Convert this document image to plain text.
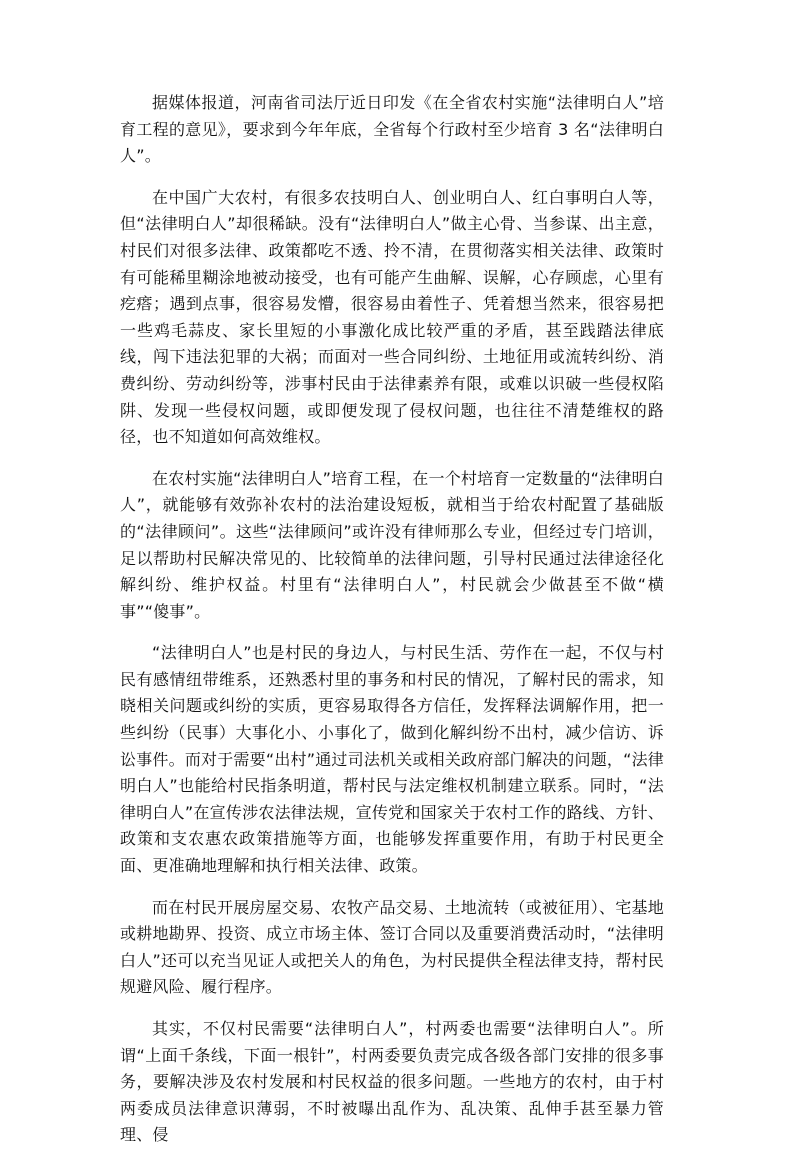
据媒体报道，河南省司法厅近日印发《在全省农村实施“法律明白人”培育工程的意见》，要求到今年年底，全省每个行政村至少培育 3 名“法律明白人”。

在中国广大农村，有很多农技明白人、创业明白人、红白事明白人等，但“法律明白人”却很稀缺。没有“法律明白人”做主心骨、当参谋、出主意，村民们对很多法律、政策都吃不透、拎不清，在贯彻落实相关法律、政策时有可能稀里糊涂地被动接受，也有可能产生曲解、误解，心存顾虑，心里有疙瘩；遇到点事，很容易发懵，很容易由着性子、凭着想当然来，很容易把一些鸡毛蒜皮、家长里短的小事激化成比较严重的矛盾，甚至践踏法律底线，闯下违法犯罪的大祸；而面对一些合同纠纷、土地征用或流转纠纷、消费纠纷、劳动纠纷等，涉事村民由于法律素养有限，或难以识破一些侵权陷阱、发现一些侵权问题，或即便发现了侵权问题，也往往不清楚维权的路径，也不知道如何高效维权。

在农村实施“法律明白人”培育工程，在一个村培育一定数量的“法律明白人”，就能够有效弥补农村的法治建设短板，就相当于给农村配置了基础版的“法律顾问”。这些“法律顾问”或许没有律师那么专业，但经过专门培训，足以帮助村民解决常见的、比较简单的法律问题，引导村民通过法律途径化解纠纷、维护权益。村里有“法律明白人”，村民就会少做甚至不做“横事”“傻事”。

“法律明白人”也是村民的身边人，与村民生活、劳作在一起，不仅与村民有感情纽带维系，还熟悉村里的事务和村民的情况，了解村民的需求，知晓相关问题或纠纷的实质，更容易取得各方信任，发挥释法调解作用，把一些纠纷（民事）大事化小、小事化了，做到化解纠纷不出村，减少信访、诉讼事件。而对于需要“出村”通过司法机关或相关政府部门解决的问题，“法律明白人”也能给村民指条明道，帮村民与法定维权机制建立联系。同时，“法律明白人”在宣传涉农法律法规，宣传党和国家关于农村工作的路线、方针、政策和支农惠农政策措施等方面，也能够发挥重要作用，有助于村民更全面、更准确地理解和执行相关法律、政策。

而在村民开展房屋交易、农牧产品交易、土地流转（或被征用）、宅基地或耕地勘界、投资、成立市场主体、签订合同以及重要消费活动时，“法律明白人”还可以充当见证人或把关人的角色，为村民提供全程法律支持，帮村民规避风险、履行程序。

其实，不仅村民需要“法律明白人”，村两委也需要“法律明白人”。所谓“上面千条线，下面一根针”，村两委要负责完成各级各部门安排的很多事务，要解决涉及农村发展和村民权益的很多问题。一些地方的农村，由于村两委成员法律意识薄弱，不时被曝出乱作为、乱决策、乱伸手甚至暴力管理、侵
